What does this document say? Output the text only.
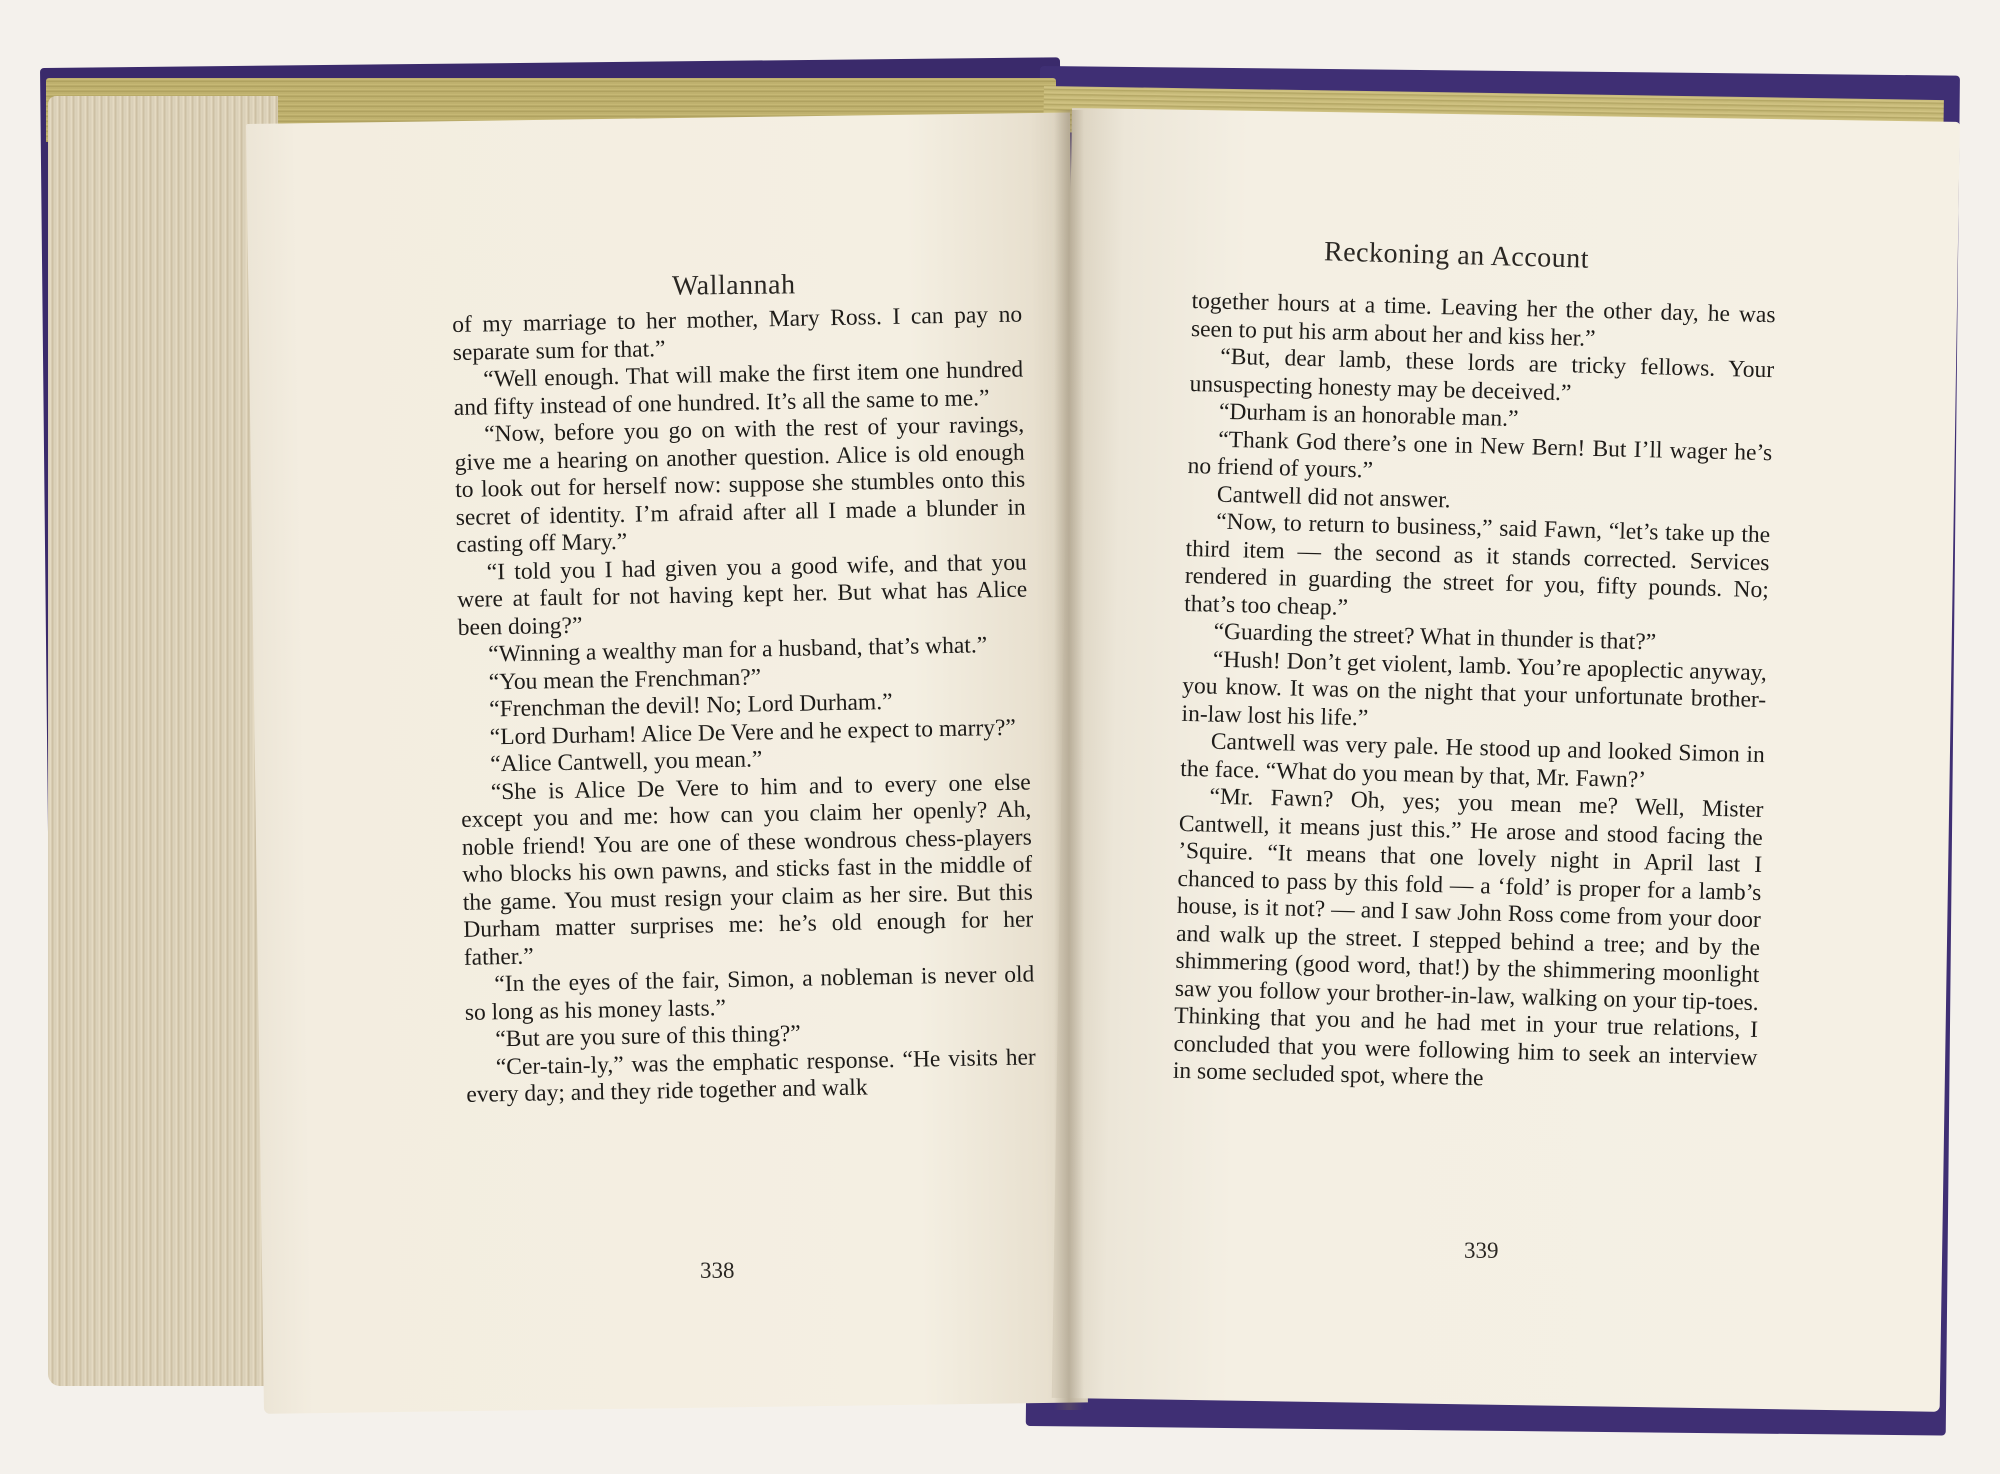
Wallannah
Reckoning an Account

of my marriage to her mother, Mary Ross. I can pay no separate sum for that.”

“Well enough. That will make the first item one hundred and fifty instead of one hundred. It’s all the same to me.”

“Now, before you go on with the rest of your ravings, give me a hearing on another question. Alice is old enough to look out for herself now: suppose she stumbles onto this secret of identity. I’m afraid after all I made a blunder in casting off Mary.”

“I told you I had given you a good wife, and that you were at fault for not having kept her. But what has Alice been doing?”

“Winning a wealthy man for a husband, that’s what.”

“You mean the Frenchman?”

“Frenchman the devil! No; Lord Durham.”

“Lord Durham! Alice De Vere and he expect to marry?”

“Alice Cantwell, you mean.”

“She is Alice De Vere to him and to every one else except you and me: how can you claim her openly? Ah, noble friend! You are one of these wondrous chess-players who blocks his own pawns, and sticks fast in the middle of the game. You must resign your claim as her sire. But this Durham matter surprises me: he’s old enough for her father.”

“In the eyes of the fair, Simon, a nobleman is never old so long as his money lasts.”

“But are you sure of this thing?”

“Cer-tain-ly,” was the emphatic response. “He visits her every day; and they ride together and walk

together hours at a time. Leaving her the other day, he was seen to put his arm about her and kiss her.”

“But, dear lamb, these lords are tricky fellows. Your unsuspecting honesty may be deceived.”

“Durham is an honorable man.”

“Thank God there’s one in New Bern! But I’ll wager he’s no friend of yours.”

Cantwell did not answer.

“Now, to return to business,” said Fawn, “let’s take up the third item — the second as it stands corrected. Services rendered in guarding the street for you, fifty pounds. No; that’s too cheap.”

“Guarding the street? What in thunder is that?”

“Hush! Don’t get violent, lamb. You’re apoplectic anyway, you know. It was on the night that your unfortunate brother-in-law lost his life.”

Cantwell was very pale. He stood up and looked Simon in the face. “What do you mean by that, Mr. Fawn?’

“Mr. Fawn? Oh, yes; you mean me? Well, Mister Cantwell, it means just this.” He arose and stood facing the ’Squire. “It means that one lovely night in April last I chanced to pass by this fold — a ‘fold’ is proper for a lamb’s house, is it not? — and I saw John Ross come from your door and walk up the street. I stepped behind a tree; and by the shimmering (good word, that!) by the shimmering moonlight saw you follow your brother-in-law, walking on your tip-toes. Thinking that you and he had met in your true relations, I concluded that you were following him to seek an interview in some secluded spot, where the

338
339
